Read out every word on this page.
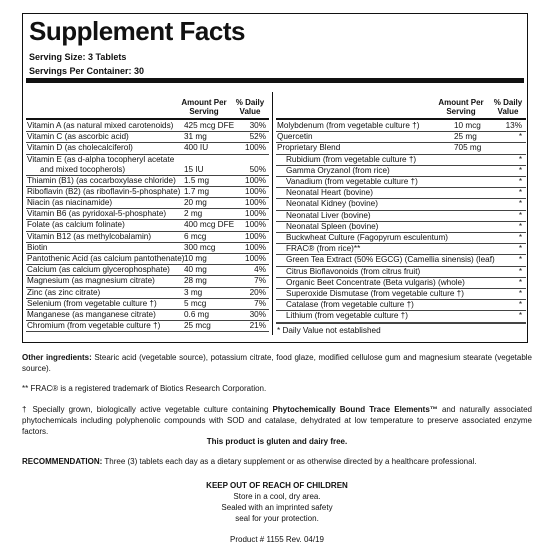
Supplement Facts
Serving Size: 3 Tablets
Servings Per Container: 30
Amount Per
Serving
% Daily
Value
Vitamin A (as natural mixed carotenoids) 425 mcg DFE 30%
Vitamin C (as ascorbic acid)	31 mg	52%
Vitamin D (as cholecalciferol)	400 IU	100%
Vitamin E (as d-alpha tocopheryl acetate
and mixed tocopherols)	15 IU	50%
Thiamin (B1) (as cocarboxylase chloride) 1.5 mg	100%
Riboflavin (B2) (as riboflavin-5-phosphate) 1.7 mg	100%
Niacin (as niacinamide)	20 mg	100%
Vitamin B6 (as pyridoxal-5-phosphate) 2 mg	100%
Folate (as calcium folinate)	400 mcg DFE 100%
Vitamin B12 (as methylcobalamin)	6 mcg	100%
Biotin	300 mcg	100%
Pantothenic Acid (as calcium pantothenate) 10 mg	100%
Calcium (as calcium glycerophosphate) 40 mg	4%
Magnesium (as magnesium citrate)	28 mg	7%
Zinc (as zinc citrate)	3 mg	20%
Selenium (from vegetable culture †)	5 mcg	7%
Manganese (as manganese citrate)	0.6 mg	30%
Chromium (from vegetable culture †)	25 mcg	21%
Amount Per
Serving
% Daily
Value
* Daily Value not established
Molybdenum (from vegetable culture †)	10 mcg	13%
Quercetin	25 mg	*
Proprietary Blend	705 mg
Rubidium (from vegetable culture †)	*
Gamma Oryzanol (from rice)	*
Vanadium (from vegetable culture †)	*
Neonatal Heart (bovine)	*
Neonatal Kidney (bovine)	*
Neonatal Liver (bovine)	*
Neonatal Spleen (bovine)	*
Buckwheat Culture (Fagopyrum esculentum)	*
FRAC® (from rice)**	*
Green Tea Extract (50% EGCG) (Camellia sinensis) (leaf)	*
Citrus Bioflavonoids (from citrus fruit)	*
Organic Beet Concentrate (Beta vulgaris) (whole)	*
Superoxide Dismutase (from vegetable culture †)	*
Catalase (from vegetable culture †)	*
Lithium (from vegetable culture †)	*
Other ingredients: Stearic acid (vegetable source), potassium citrate, food glaze, modified cellulose gum and magnesium stearate (vegetable source).
** FRAC® is a registered trademark of Biotics Research Corporation.
† Specially grown, biologically active vegetable culture containing Phytochemically Bound Trace Elements™ and naturally associated phytochemicals including polyphenolic compounds with SOD and catalase, dehydrated at low temperature to preserve associated enzyme factors.
This product is gluten and dairy free.
RECOMMENDATION: Three (3) tablets each day as a dietary supplement or as otherwise directed by a healthcare professional.
KEEP OUT OF REACH OF CHILDREN
Store in a cool, dry area.
Sealed with an imprinted safety
seal for your protection.
Product # 1155 Rev. 04/19
